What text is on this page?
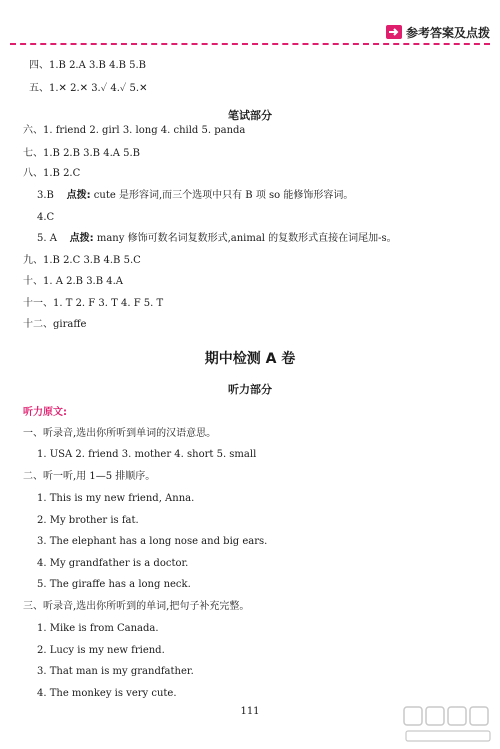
参考答案及点拨
四、1.B 2.A 3.B 4.B 5.B
五、1.✕ 2.✕ 3.✓ 4.✓ 5.✕
笔试部分
六、1. friend 2. girl 3. long 4. child 5. panda
七、1.B 2.B 3.B 4.A 5.B
八、1.B 2.C
3.B 点拨: cute 是形容词,而三个选项中只有 B 项 so 能修饰形容词。
4.C
5. A 点拨: many 修饰可数名词复数形式,animal 的复数形式直接在词尾加-s。
九、1.B 2.C 3.B 4.B 5.C
十、1. A 2.B 3.B 4.A
十一、1. T 2. F 3. T 4. F 5. T
十二、giraffe
期中检测 A 卷
听力部分
听力原文:
一、听录音,选出你所听到单词的汉语意思。
1. USA 2. friend 3. mother 4. short 5. small
二、听一听,用 1—5 排顺序。
1. This is my new friend, Anna.
2. My brother is fat.
3. The elephant has a long nose and big ears.
4. My grandfather is a doctor.
5. The giraffe has a long neck.
三、听录音,选出你所听到的单词,把句子补充完整。
1. Mike is from Canada.
2. Lucy is my new friend.
3. That man is my grandfather.
4. The monkey is very cute.
111
